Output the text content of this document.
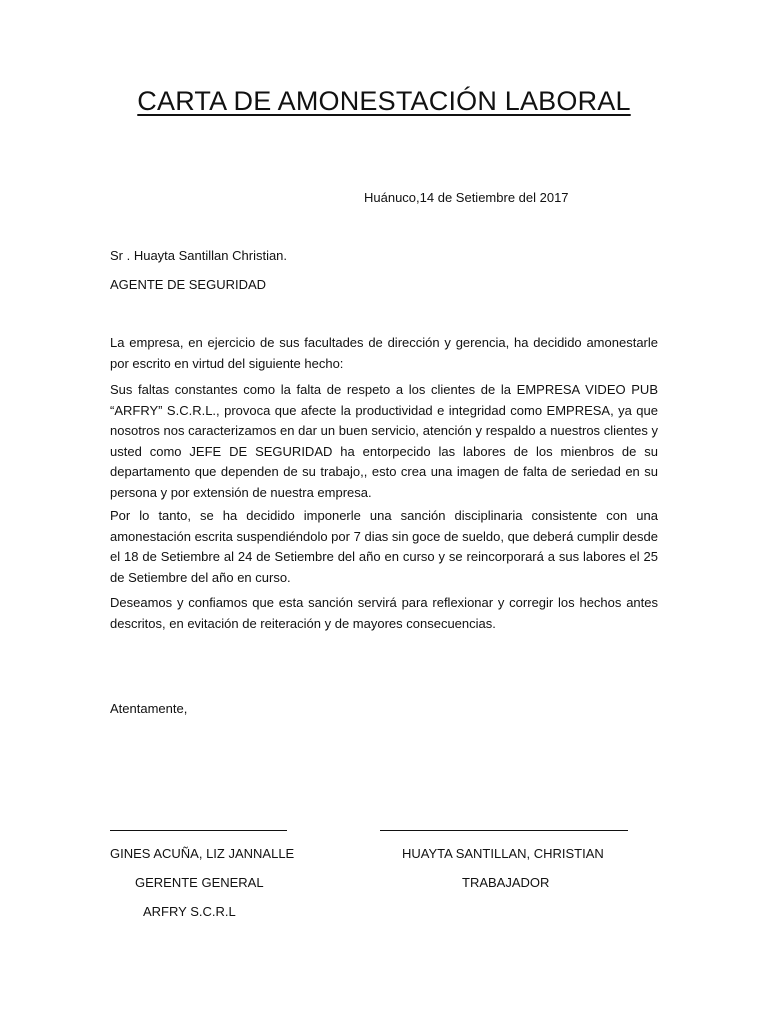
CARTA DE AMONESTACIÓN LABORAL
Huánuco,14 de Setiembre del 2017
Sr . Huayta Santillan Christian.
AGENTE DE SEGURIDAD

La empresa, en ejercicio de sus facultades de dirección y gerencia, ha decidido amonestarle por escrito en virtud del siguiente hecho:

Sus faltas constantes como la falta de respeto a los clientes de la EMPRESA VIDEO PUB “ARFRY” S.C.R.L., provoca que afecte la productividad e integridad como EMPRESA, ya que nosotros nos caracterizamos en dar un buen servicio, atención y respaldo a nuestros clientes y usted como JEFE DE SEGURIDAD ha entorpecido las labores de los mienbros de su departamento que dependen de su trabajo,, esto crea una imagen de falta de seriedad en su persona y por extensión de nuestra empresa.

Por lo tanto, se ha decidido imponerle una sanción disciplinaria consistente con una amonestación escrita suspendiéndolo por 7 dias sin goce de sueldo, que deberá cumplir desde el 18 de Setiembre al 24 de Setiembre del año en curso y se reincorporará a sus labores el 25 de Setiembre del año en curso.

Deseamos y confiamos que esta sanción servirá para reflexionar y corregir los hechos antes descritos, en evitación de reiteración y de mayores consecuencias.

Atentamente,
GINES ACUÑA, LIZ JANNALLE	HUAYTA SANTILLAN, CHRISTIAN
GERENTE GENERAL	TRABAJADOR
ARFRY S.C.R.L
